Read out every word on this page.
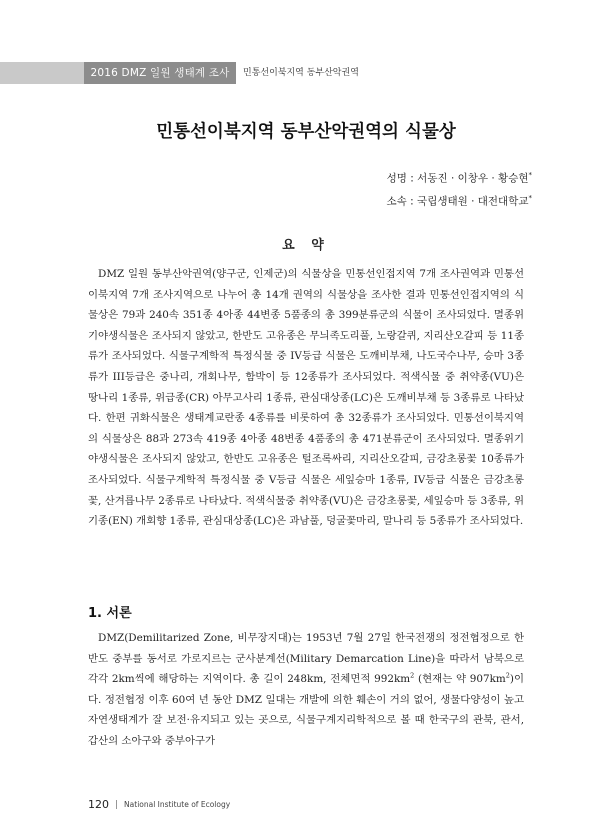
2016 DMZ 일원 생태계 조사	민통선이북지역 동부산악권역
민통선이북지역 동부산악권역의 식물상
성명 : 서동진 · 이창우 · 황승현*
소속 : 국립생태원 · 대전대학교*
요 약

DMZ 일원 동부산악권역(양구군, 인제군)의 식물상을 민통선인접지역 7개 조사권역과 민통선이북지역 7개 조사지역으로 나누어 총 14개 권역의 식물상을 조사한 결과 민통선인접지역의 식물상은 79과 240속 351종 4아종 44변종 5품종의 총 399분류군의 식물이 조사되었다. 멸종위기야생식물은 조사되지 않았고, 한반도 고유종은 무늬족도리풀, 노랑갈퀴, 지리산오갈피 등 11종류가 조사되었다. 식물구계학적 특정식물 중 IV등급 식물은 도깨비부채, 나도국수나무, 승마 3종류가 III등급은 중나리, 개회나무, 함박이 등 12종류가 조사되었다. 적색식물 중 취약종(VU)은 땅나리 1종류, 위급종(CR) 아무고사리 1종류, 관심대상종(LC)은 도깨비부채 등 3종류로 나타났다. 한편 귀화식물은 생태계교란종 4종류를 비롯하여 총 32종류가 조사되었다. 민통선이북지역의 식물상은 88과 273속 419종 4아종 48변종 4품종의 총 471분류군이 조사되었다. 멸종위기야생식물은 조사되지 않았고, 한반도 고유종은 털조록싸리, 지리산오갈피, 금강초롱꽃 10종류가 조사되었다. 식물구계학적 특정식물 중 V등급 식물은 세잎승마 1종류, IV등급 식물은 금강초롱꽃, 산겨릅나무 2종류로 나타났다. 적색식물중 취약종(VU)은 금강초롱꽃, 세잎승마 등 3종류, 위기종(EN) 개회향 1종류, 관심대상종(LC)은 과남풀, 덩굴꽃마리, 말나리 등 5종류가 조사되었다.

1. 서론

DMZ(Demilitarized Zone, 비무장지대)는 1953년 7월 27일 한국전쟁의 정전협정으로 한반도 중부를 동서로 가로지르는 군사분계선(Military Demarcation Line)을 따라서 남북으로 각각 2km씩에 해당하는 지역이다. 총 길이 248km, 전체면적 $992km^2$ (현재는 약 $907km^2$)이다. 정전협정 이후 60여 년 동안 DMZ 일대는 개발에 의한 훼손이 거의 없어, 생물다양성이 높고 자연생태계가 잘 보전·유지되고 있는 곳으로, 식물구계지리학적으로 볼 때 한국구의 관북, 관서, 갑산의 소아구와 중부아구가

120 | National Institute of Ecology
